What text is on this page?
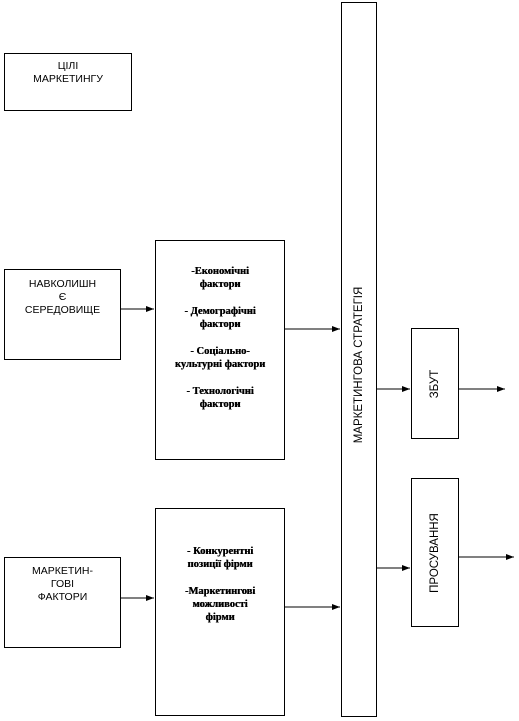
ЦІЛІ
МАРКЕТИНГУ
НАВКОЛИШН
Є
СЕРЕДОВИЩЕ
МАРКЕТИН-
ГОВІ
ФАКТОРИ
-Економічні
фактори
- Демографічні
фактори
- Соціально-
культурні фактори
- Технологічні
фактори
- Конкурентні
позиції фірми
-Маркетингові
можливості
фірми
МАРКЕТИНГОВА СТРАТЕГІЯ	ЗБУТ
ПРОСУВАННЯ
